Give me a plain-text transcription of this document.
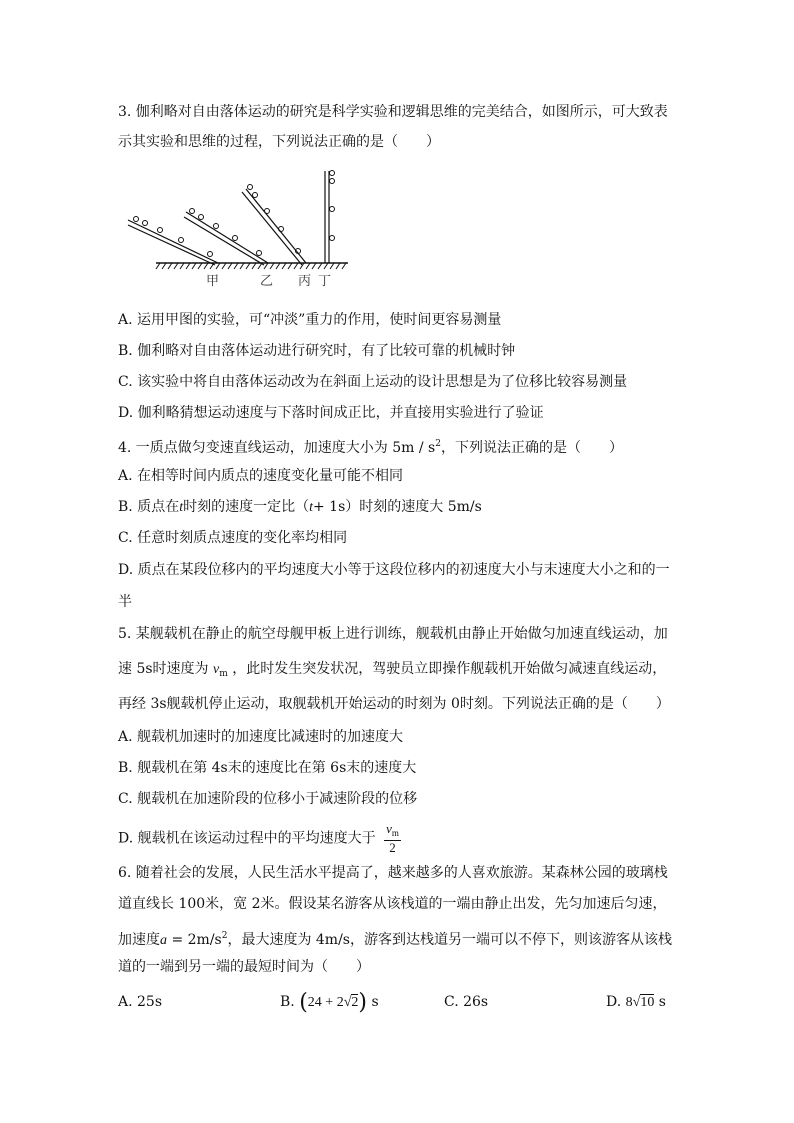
3. 伽利略对自由落体运动的研究是科学实验和逻辑思维的完美结合，如图所示，可大致表
示其实验和思维的过程，下列说法正确的是（　　）
甲	乙 丙 丁
A. 运用甲图的实验，可“冲淡”重力的作用，使时间更容易测量
B. 伽利略对自由落体运动进行研究时，有了比较可靠的机械时钟
C. 该实验中将自由落体运动改为在斜面上运动的设计思想是为了位移比较容易测量
D. 伽利略猜想运动速度与下落时间成正比，并直接用实验进行了验证
4. 一质点做匀变速直线运动，加速度大小为 $5m / s^2$，下列说法正确的是（　　）
A. 在相等时间内质点的速度变化量可能不相同
B. 质点在t时刻的速度一定比（t+ 1s）时刻的速度大 5m/s
C. 任意时刻质点速度的变化率均相同
D. 质点在某段位移内的平均速度大小等于这段位移内的初速度大小与末速度大小之和的一
半
5. 某舰载机在静止的航空母舰甲板上进行训练，舰载机由静止开始做匀加速直线运动，加
速 5s时速度为 $v_m$ ，此时发生突发状况，驾驶员立即操作舰载机开始做匀减速直线运动，
再经 3s舰载机停止运动，取舰载机开始运动的时刻为 0时刻。下列说法正确的是（　　）
A. 舰载机加速时的加速度比减速时的加速度大
B. 舰载机在第 4s末的速度比在第 6s末的速度大
C. 舰载机在加速阶段的位移小于减速阶段的位移
D. 舰载机在该运动过程中的平均速度大于 $\frac{v_m}{2}$
6. 随着社会的发展，人民生活水平提高了，越来越多的人喜欢旅游。某森林公园的玻璃栈
道直线长 100米，宽 2米。假设某名游客从该栈道的一端由静止出发，先匀加速后匀速，
加速度$a = 2m/s^2$，最大速度为 4m/s，游客到达栈道另一端可以不停下，则该游客从该栈
道的一端到另一端的最短时间为（　　）
A. 25s	B. (24 + 2√2) s	C. 26s	D. 8√10 s
